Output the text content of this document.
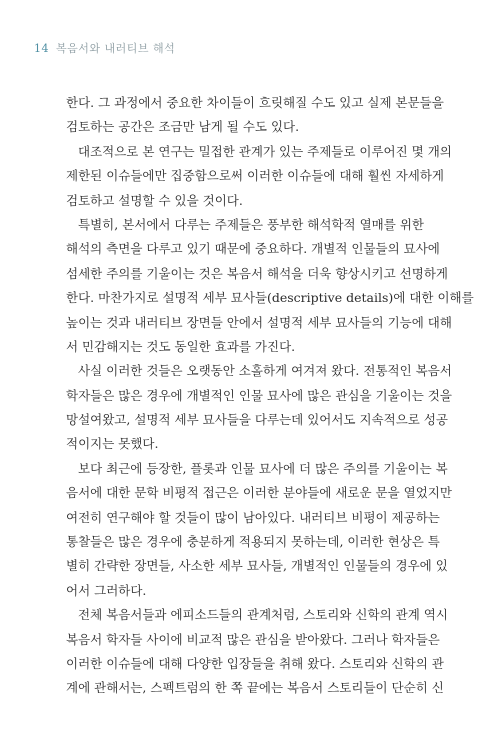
14 복음서와 내러티브 해석
한다. 그 과정에서 중요한 차이들이 흐릿해질 수도 있고 실제 본문들을
검토하는 공간은 조금만 남게 될 수도 있다.
대조적으로 본 연구는 밀접한 관계가 있는 주제들로 이루어진 몇 개의
제한된 이슈들에만 집중함으로써 이러한 이슈들에 대해 훨씬 자세하게
검토하고 설명할 수 있을 것이다.
특별히, 본서에서 다루는 주제들은 풍부한 해석학적 열매를 위한
해석의 측면을 다루고 있기 때문에 중요하다. 개별적 인물들의 묘사에
섬세한 주의를 기울이는 것은 복음서 해석을 더욱 향상시키고 선명하게
한다. 마찬가지로 설명적 세부 묘사들(descriptive details)에 대한 이해를
높이는 것과 내러티브 장면들 안에서 설명적 세부 묘사들의 기능에 대해
서 민감해지는 것도 동일한 효과를 가진다.
사실 이러한 것들은 오랫동안 소홀하게 여겨져 왔다. 전통적인 복음서
학자들은 많은 경우에 개별적인 인물 묘사에 많은 관심을 기울이는 것을
망설여왔고, 설명적 세부 묘사들을 다루는데 있어서도 지속적으로 성공
적이지는 못했다.
보다 최근에 등장한, 플롯과 인물 묘사에 더 많은 주의를 기울이는 복
음서에 대한 문학 비평적 접근은 이러한 분야들에 새로운 문을 열었지만
여전히 연구해야 할 것들이 많이 남아있다. 내러티브 비평이 제공하는
통찰들은 많은 경우에 충분하게 적용되지 못하는데, 이러한 현상은 특
별히 간략한 장면들, 사소한 세부 묘사들, 개별적인 인물들의 경우에 있
어서 그러하다.
전체 복음서들과 에피소드들의 관계처럼, 스토리와 신학의 관계 역시
복음서 학자들 사이에 비교적 많은 관심을 받아왔다. 그러나 학자들은
이러한 이슈들에 대해 다양한 입장들을 취해 왔다. 스토리와 신학의 관
계에 관해서는, 스펙트럼의 한 쪽 끝에는 복음서 스토리들이 단순히 신
